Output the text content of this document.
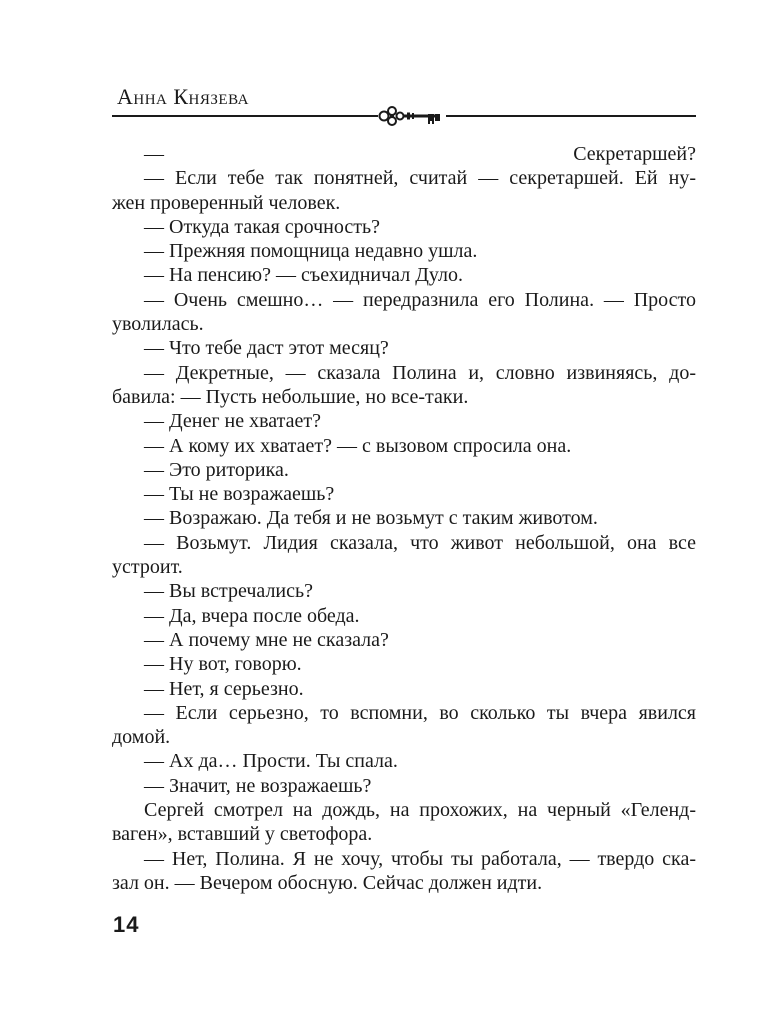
Анна Князева
— Секретаршей?
— Если тебе так понятней, считай — секретаршей. Ей ну-
жен проверенный человек.
— Откуда такая срочность?
— Прежняя помощница недавно ушла.
— На пенсию? — съехидничал Дуло.
— Очень смешно… — передразнила его Полина. — Просто
уволилась.
— Что тебе даст этот месяц?
— Декретные, — сказала Полина и, словно извиняясь, до-
бавила: — Пусть небольшие, но все-таки.
— Денег не хватает?
— А кому их хватает? — с вызовом спросила она.
— Это риторика.
— Ты не возражаешь?
— Возражаю. Да тебя и не возьмут с таким животом.
— Возьмут. Лидия сказала, что живот небольшой, она все
устроит.
— Вы встречались?
— Да, вчера после обеда.
— А почему мне не сказала?
— Ну вот, говорю.
— Нет, я серьезно.
— Если серьезно, то вспомни, во сколько ты вчера явился
домой.
— Ах да… Прости. Ты спала.
— Значит, не возражаешь?
Сергей смотрел на дождь, на прохожих, на черный «Геленд-
ваген», вставший у светофора.
— Нет, Полина. Я не хочу, чтобы ты работала, — твердо ска-
зал он. — Вечером обосную. Сейчас должен идти.
14
